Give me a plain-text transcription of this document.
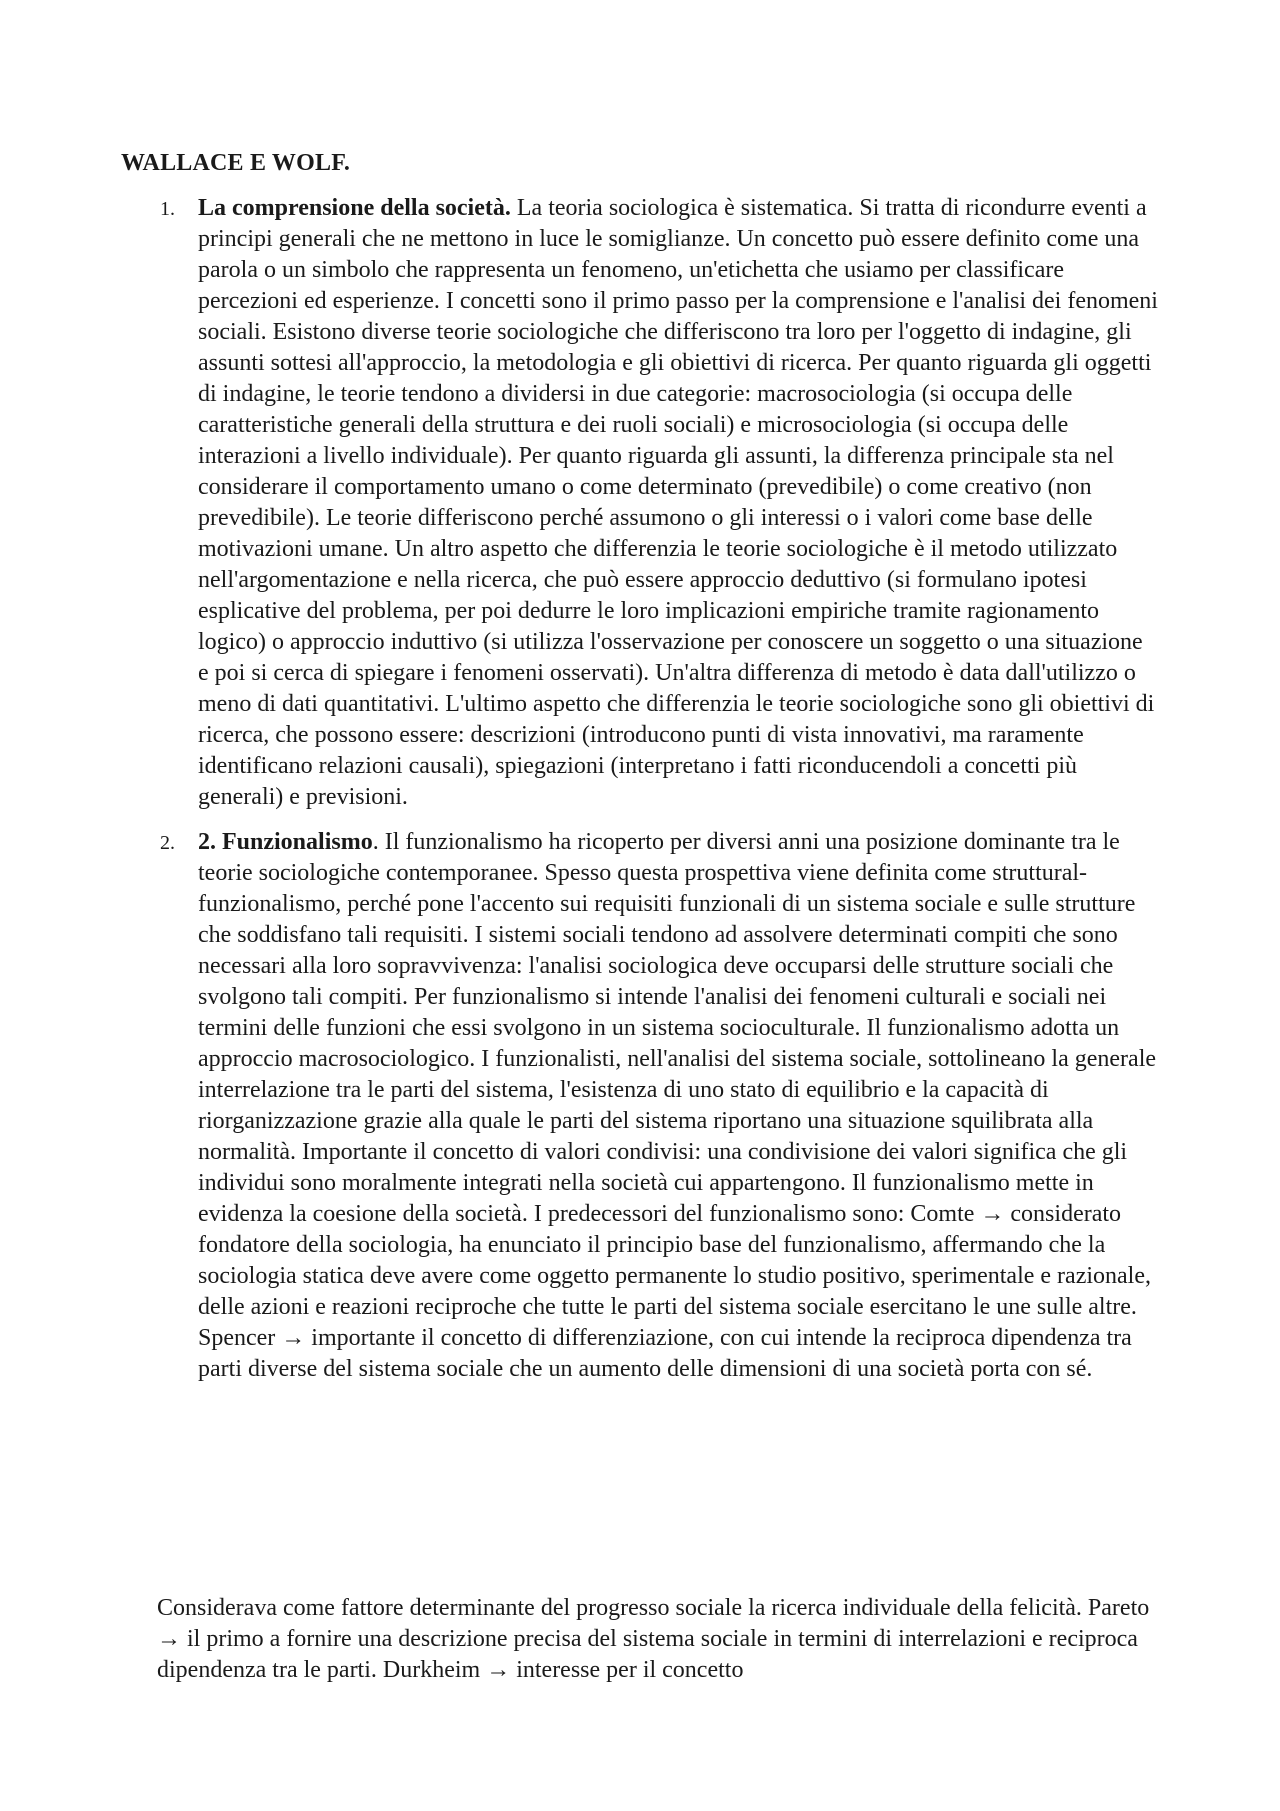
WALLACE E WOLF.
1. La comprensione della società. La teoria sociologica è sistematica. Si tratta di ricondurre eventi a principi generali che ne mettono in luce le somiglianze. Un concetto può essere definito come una parola o un simbolo che rappresenta un fenomeno, un'etichetta che usiamo per classificare percezioni ed esperienze. I concetti sono il primo passo per la comprensione e l'analisi dei fenomeni sociali. Esistono diverse teorie sociologiche che differiscono tra loro per l'oggetto di indagine, gli assunti sottesi all'approccio, la metodologia e gli obiettivi di ricerca. Per quanto riguarda gli oggetti di indagine, le teorie tendono a dividersi in due categorie: macrosociologia (si occupa delle caratteristiche generali della struttura e dei ruoli sociali) e microsociologia (si occupa delle interazioni a livello individuale). Per quanto riguarda gli assunti, la differenza principale sta nel considerare il comportamento umano o come determinato (prevedibile) o come creativo (non prevedibile). Le teorie differiscono perché assumono o gli interessi o i valori come base delle motivazioni umane. Un altro aspetto che differenzia le teorie sociologiche è il metodo utilizzato nell'argomentazione e nella ricerca, che può essere approccio deduttivo (si formulano ipotesi esplicative del problema, per poi dedurre le loro implicazioni empiriche tramite ragionamento logico) o approccio induttivo (si utilizza l'osservazione per conoscere un soggetto o una situazione e poi si cerca di spiegare i fenomeni osservati). Un'altra differenza di metodo è data dall'utilizzo o meno di dati quantitativi. L'ultimo aspetto che differenzia le teorie sociologiche sono gli obiettivi di ricerca, che possono essere: descrizioni (introducono punti di vista innovativi, ma raramente identificano relazioni causali), spiegazioni (interpretano i fatti riconducendoli a concetti più generali) e previsioni.
2. 2. Funzionalismo. Il funzionalismo ha ricoperto per diversi anni una posizione dominante tra le teorie sociologiche contemporanee. Spesso questa prospettiva viene definita come struttural-funzionalismo, perché pone l'accento sui requisiti funzionali di un sistema sociale e sulle strutture che soddisfano tali requisiti. I sistemi sociali tendono ad assolvere determinati compiti che sono necessari alla loro sopravvivenza: l'analisi sociologica deve occuparsi delle strutture sociali che svolgono tali compiti. Per funzionalismo si intende l'analisi dei fenomeni culturali e sociali nei termini delle funzioni che essi svolgono in un sistema socioculturale. Il funzionalismo adotta un approccio macrosociologico. I funzionalisti, nell'analisi del sistema sociale, sottolineano la generale interrelazione tra le parti del sistema, l'esistenza di uno stato di equilibrio e la capacità di riorganizzazione grazie alla quale le parti del sistema riportano una situazione squilibrata alla normalità. Importante il concetto di valori condivisi: una condivisione dei valori significa che gli individui sono moralmente integrati nella società cui appartengono. Il funzionalismo mette in evidenza la coesione della società. I predecessori del funzionalismo sono: Comte → considerato fondatore della sociologia, ha enunciato il principio base del funzionalismo, affermando che la sociologia statica deve avere come oggetto permanente lo studio positivo, sperimentale e razionale, delle azioni e reazioni reciproche che tutte le parti del sistema sociale esercitano le une sulle altre. Spencer → importante il concetto di differenziazione, con cui intende la reciproca dipendenza tra parti diverse del sistema sociale che un aumento delle dimensioni di una società porta con sé.

Considerava come fattore determinante del progresso sociale la ricerca individuale della felicità. Pareto → il primo a fornire una descrizione precisa del sistema sociale in termini di interrelazioni e reciproca dipendenza tra le parti. Durkheim → interesse per il concetto
